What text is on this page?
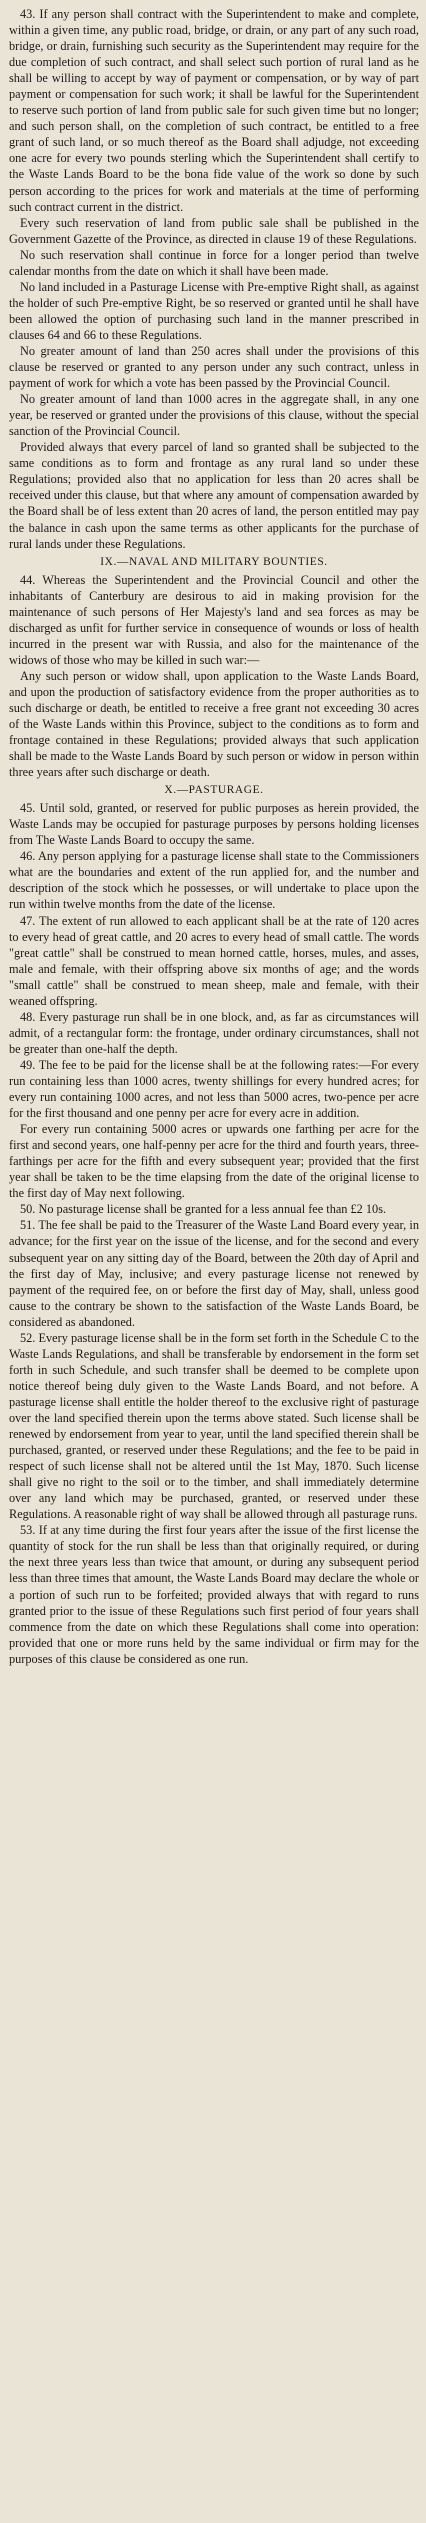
43. If any person shall contract with the Superintendent to make and complete, within a given time, any public road, bridge, or drain, or any part of any such road, bridge, or drain, furnishing such security as the Superintendent may require for the due completion of such contract, and shall select such portion of rural land as he shall be willing to accept by way of payment or compensation, or by way of part payment or compensation for such work; it shall be lawful for the Superintendent to reserve such portion of land from public sale for such given time but no longer; and such person shall, on the completion of such contract, be entitled to a free grant of such land, or so much thereof as the Board shall adjudge, not exceeding one acre for every two pounds sterling which the Superintendent shall certify to the Waste Lands Board to be the bona fide value of the work so done by such person according to the prices for work and materials at the time of performing such contract current in the district.

Every such reservation of land from public sale shall be published in the Government Gazette of the Province, as directed in clause 19 of these Regulations.

No such reservation shall continue in force for a longer period than twelve calendar months from the date on which it shall have been made.

No land included in a Pasturage License with Pre-emptive Right shall, as against the holder of such Pre-emptive Right, be so reserved or granted until he shall have been allowed the option of purchasing such land in the manner prescribed in clauses 64 and 66 to these Regulations.

No greater amount of land than 250 acres shall under the provisions of this clause be reserved or granted to any person under any such contract, unless in payment of work for which a vote has been passed by the Provincial Council.

No greater amount of land than 1000 acres in the aggregate shall, in any one year, be reserved or granted under the provisions of this clause, without the special sanction of the Provincial Council.

Provided always that every parcel of land so granted shall be subjected to the same conditions as to form and frontage as any rural land so under these Regulations; provided also that no application for less than 20 acres shall be received under this clause, but that where any amount of compensation awarded by the Board shall be of less extent than 20 acres of land, the person entitled may pay the balance in cash upon the same terms as other applicants for the purchase of rural lands under these Regulations.

IX.—NAVAL AND MILITARY BOUNTIES.

44. Whereas the Superintendent and the Provincial Council and other the inhabitants of Canterbury are desirous to aid in making provision for the maintenance of such persons of Her Majesty's land and sea forces as may be discharged as unfit for further service in consequence of wounds or loss of health incurred in the present war with Russia, and also for the maintenance of the widows of those who may be killed in such war:—

Any such person or widow shall, upon application to the Waste Lands Board, and upon the production of satisfactory evidence from the proper authorities as to such discharge or death, be entitled to receive a free grant not exceeding 30 acres of the Waste Lands within this Province, subject to the conditions as to form and frontage contained in these Regulations; provided always that such application shall be made to the Waste Lands Board by such person or widow in person within three years after such discharge or death.

X.—PASTURAGE.

45. Until sold, granted, or reserved for public purposes as herein provided, the Waste Lands may be occupied for pasturage purposes by persons holding licenses from The Waste Lands Board to occupy the same.

46. Any person applying for a pasturage license shall state to the Commissioners what are the boundaries and extent of the run applied for, and the number and description of the stock which he possesses, or will undertake to place upon the run within twelve months from the date of the license.

47. The extent of run allowed to each applicant shall be at the rate of 120 acres to every head of great cattle, and 20 acres to every head of small cattle. The words "great cattle" shall be construed to mean horned cattle, horses, mules, and asses, male and female, with their offspring above six months of age; and the words "small cattle" shall be construed to mean sheep, male and female, with their weaned offspring.

48. Every pasturage run shall be in one block, and, as far as circumstances will admit, of a rectangular form: the frontage, under ordinary circumstances, shall not be greater than one-half the depth.

49. The fee to be paid for the license shall be at the following rates:—For every run containing less than 1000 acres, twenty shillings for every hundred acres; for every run containing 1000 acres, and not less than 5000 acres, two-pence per acre for the first thousand and one penny per acre for every acre in addition.

For every run containing 5000 acres or upwards one farthing per acre for the first and second years, one half-penny per acre for the third and fourth years, three-farthings per acre for the fifth and every subsequent year; provided that the first year shall be taken to be the time elapsing from the date of the original license to the first day of May next following.

50. No pasturage license shall be granted for a less annual fee than £2 10s.

51. The fee shall be paid to the Treasurer of the Waste Land Board every year, in advance; for the first year on the issue of the license, and for the second and every subsequent year on any sitting day of the Board, between the 20th day of April and the first day of May, inclusive; and every pasturage license not renewed by payment of the required fee, on or before the first day of May, shall, unless good cause to the contrary be shown to the satisfaction of the Waste Lands Board, be considered as abandoned.

52. Every pasturage license shall be in the form set forth in the Schedule C to the Waste Lands Regulations, and shall be transferable by endorsement in the form set forth in such Schedule, and such transfer shall be deemed to be complete upon notice thereof being duly given to the Waste Lands Board, and not before. A pasturage license shall entitle the holder thereof to the exclusive right of pasturage over the land specified therein upon the terms above stated. Such license shall be renewed by endorsement from year to year, until the land specified therein shall be purchased, granted, or reserved under these Regulations; and the fee to be paid in respect of such license shall not be altered until the 1st May, 1870. Such license shall give no right to the soil or to the timber, and shall immediately determine over any land which may be purchased, granted, or reserved under these Regulations. A reasonable right of way shall be allowed through all pasturage runs.

53. If at any time during the first four years after the issue of the first license the quantity of stock for the run shall be less than that originally required, or during the next three years less than twice that amount, or during any subsequent period less than three times that amount, the Waste Lands Board may declare the whole or a portion of such run to be forfeited; provided always that with regard to runs granted prior to the issue of these Regulations such first period of four years shall commence from the date on which these Regulations shall come into operation: provided that one or more runs held by the same individual or firm may for the purposes of this clause be considered as one run.
